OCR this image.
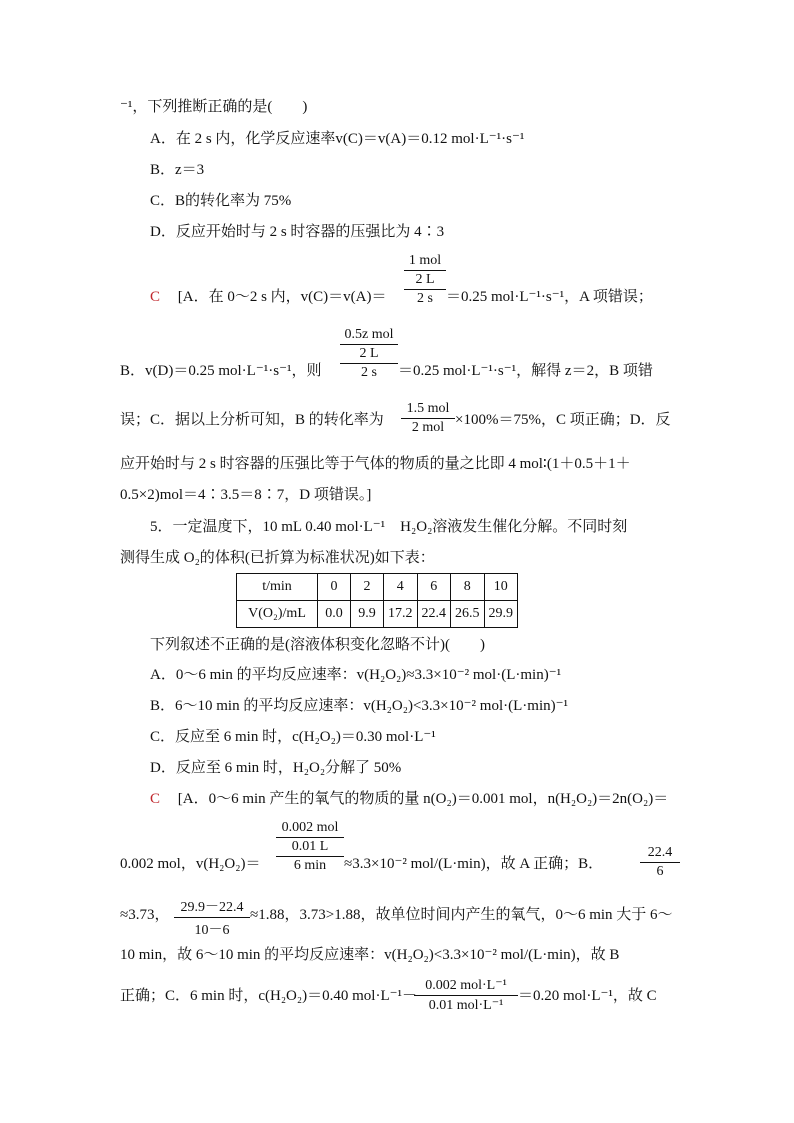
⁻¹，下列推断正确的是(　　)
A．在 2 s 内，化学反应速率v(C)＝v(A)＝0.12 mol·L⁻¹·s⁻¹
B．z＝3
C．B的转化率为 75%
D．反应开始时与 2 s 时容器的压强比为 4∶3
C [A．在 0～2 s 内，v(C)＝v(A)＝
1 mol
2 L
2 s ＝0.25 mol·L⁻¹·s⁻¹，A 项错误；
B．v(D)＝0.25 mol·L⁻¹·s⁻¹，则
0.5z mol
2 L
2 s	＝0.25 mol·L⁻¹·s⁻¹，解得 z＝2，B 项错
误；C．据以上分析可知，B 的转化率为
1.5 mol
2 mol ×100%＝75%，C 项正确；D．反
应开始时与 2 s 时容器的压强比等于气体的物质的量之比即 4 mol∶(1＋0.5＋1＋
0.5×2)mol＝4∶3.5＝8∶7，D 项错误。]
5．一定温度下，10 mL 0.40 mol·L⁻¹　H₂O₂溶液发生催化分解。不同时刻
测得生成 O₂的体积(已折算为标准状况)如下表：
t/min	0	2	4	6	8	10
V(O₂)/mL	0.0	9.9	17.2	22.4	26.5	29.9
下列叙述不正确的是(溶液体积变化忽略不计)(　　)
A．0～6 min 的平均反应速率：v(H₂O₂)≈3.3×10⁻² mol·(L·min)⁻¹
B．6～10 min 的平均反应速率：v(H₂O₂)<3.3×10⁻² mol·(L·min)⁻¹
C．反应至 6 min 时，c(H₂O₂)＝0.30 mol·L⁻¹
D．反应至 6 min 时，H₂O₂分解了 50%
C [A．0～6 min 产生的氧气的物质的量 n(O₂)＝0.001 mol，n(H₂O₂)＝2n(O₂)＝
0.002 mol，v(H₂O₂)＝
0.002 mol
0.01 L
6 min	≈3.3×10⁻² mol/(L·min)，故 A 正确；B．
22.4
6
≈3.73， 29.9－22.4
10－6
≈1.88，3.73>1.88，故单位时间内产生的氧气，0～6 min 大于 6～
10 min，故 6～10 min 的平均反应速率：v(H₂O₂)<3.3×10⁻² mol/(L·min)，故 B
正确；C．6 min 时，c(H₂O₂)＝0.40 mol·L⁻¹－
0.002 mol·L⁻¹
0.01 mol·L⁻¹
＝0.20 mol·L⁻¹，故 C
